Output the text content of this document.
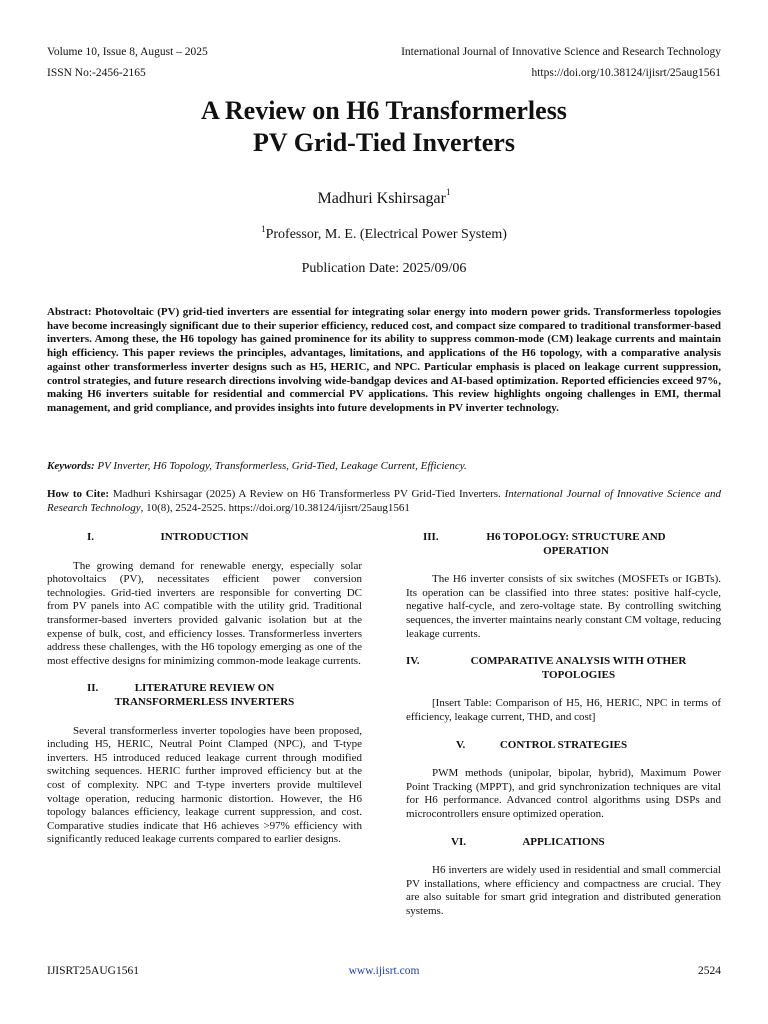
Volume 10, Issue 8, August – 2025	International Journal of Innovative Science and Research Technology
ISSN No:-2456-2165	https://doi.org/10.38124/ijisrt/25aug1561
A Review on H6 Transformerless
PV Grid-Tied Inverters
Madhuri Kshirsagar$^1$
$^1$Professor, M. E. (Electrical Power System)
Publication Date: 2025/09/06
Abstract: Photovoltaic (PV) grid-tied inverters are essential for integrating solar energy into modern power grids. Transformerless topologies have become increasingly significant due to their superior efficiency, reduced cost, and compact size compared to traditional transformer-based inverters. Among these, the H6 topology has gained prominence for its ability to suppress common-mode (CM) leakage currents and maintain high efficiency. This paper reviews the principles, advantages, limitations, and applications of the H6 topology, with a comparative analysis against other transformerless inverter designs such as H5, HERIC, and NPC. Particular emphasis is placed on leakage current suppression, control strategies, and future research directions involving wide-bandgap devices and AI-based optimization. Reported efficiencies exceed 97%, making H6 inverters suitable for residential and commercial PV applications. This review highlights ongoing challenges in EMI, thermal management, and grid compliance, and provides insights into future developments in PV inverter technology.
Keywords: PV Inverter, H6 Topology, Transformerless, Grid-Tied, Leakage Current, Efficiency.
How to Cite: Madhuri Kshirsagar (2025) A Review on H6 Transformerless PV Grid-Tied Inverters. International Journal of Innovative Science and Research Technology, 10(8), 2524-2525. https://doi.org/10.38124/ijisrt/25aug1561
I.	INTRODUCTION

The growing demand for renewable energy, especially solar photovoltaics (PV), necessitates efficient power conversion technologies. Grid-tied inverters are responsible for converting DC from PV panels into AC compatible with the utility grid. Traditional transformer-based inverters provided galvanic isolation but at the expense of bulk, cost, and efficiency losses. Transformerless inverters address these challenges, with the H6 topology emerging as one of the most effective designs for minimizing common-mode leakage currents.

II.	LITERATURE REVIEW ON TRANSFORMERLESS INVERTERS

Several transformerless inverter topologies have been proposed, including H5, HERIC, Neutral Point Clamped (NPC), and T-type inverters. H5 introduced reduced leakage current through modified switching sequences. HERIC further improved efficiency but at the cost of complexity. NPC and T-type inverters provide multilevel voltage operation, reducing harmonic distortion. However, the H6 topology balances efficiency, leakage current suppression, and cost. Comparative studies indicate that H6 achieves >97% efficiency with significantly reduced leakage currents compared to earlier designs.

III.	H6 TOPOLOGY: STRUCTURE AND OPERATION

The H6 inverter consists of six switches (MOSFETs or IGBTs). Its operation can be classified into three states: positive half-cycle, negative half-cycle, and zero-voltage state. By controlling switching sequences, the inverter maintains nearly constant CM voltage, reducing leakage currents.

IV.	COMPARATIVE ANALYSIS WITH OTHER TOPOLOGIES

[Insert Table: Comparison of H5, H6, HERIC, NPC in terms of efficiency, leakage current, THD, and cost]

V.	CONTROL STRATEGIES

PWM methods (unipolar, bipolar, hybrid), Maximum Power Point Tracking (MPPT), and grid synchronization techniques are vital for H6 performance. Advanced control algorithms using DSPs and microcontrollers ensure optimized operation.

VI.	APPLICATIONS

H6 inverters are widely used in residential and small commercial PV installations, where efficiency and compactness are crucial. They are also suitable for smart grid integration and distributed generation systems.

IJISRT25AUG1561	www.ijisrt.com	2524
